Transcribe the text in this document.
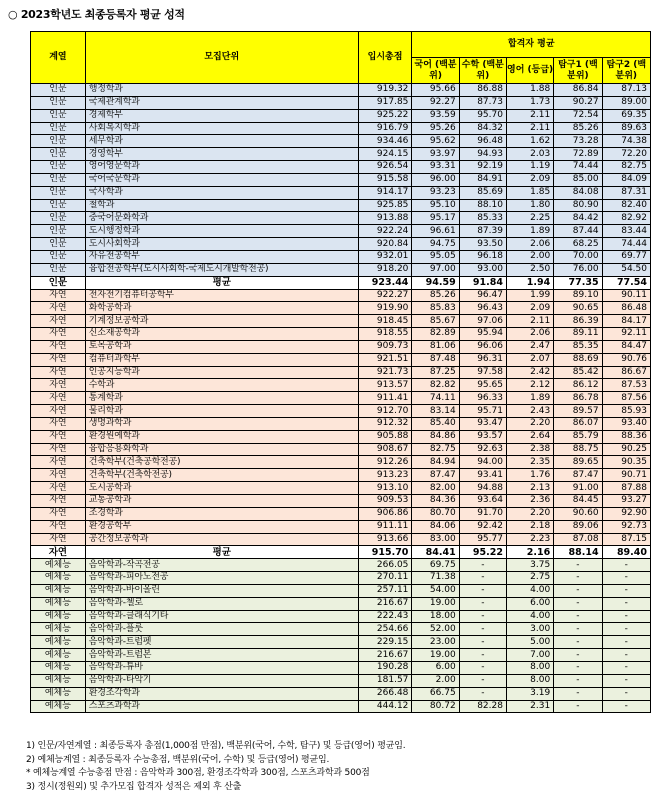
○ 2023학년도 최종등록자 평균 성적
계열	모집단위	입시총점	합격자 평균				
			국어 (백분위)	수학 (백분위)	영어 (등급)	탐구1 (백분위)	탐구2 (백분위)
인문	행정학과	919.32	95.66	86.88	1.88	86.84	87.13
인문	국제관계학과	917.85	92.27	87.73	1.73	90.27	89.00
인문	경제학부	925.22	93.59	95.70	2.11	72.54	69.35
인문	사회복지학과	916.79	95.26	84.32	2.11	85.26	89.63
인문	세무학과	934.46	95.62	96.48	1.62	73.28	74.38
인문	경영학부	924.15	93.97	94.93	2.03	72.89	72.20
인문	영어영문학과	926.54	93.31	92.19	1.19	74.44	82.75
인문	국어국문학과	915.58	96.00	84.91	2.09	85.00	84.09
인문	국사학과	914.17	93.23	85.69	1.85	84.08	87.31
인문	철학과	925.85	95.10	88.10	1.80	80.90	82.40
인문	중국어문화학과	913.88	95.17	85.33	2.25	84.42	82.92
인문	도시행정학과	922.24	96.61	87.39	1.89	87.44	83.44
인문	도시사회학과	920.84	94.75	93.50	2.06	68.25	74.44
인문	자유전공학부	932.01	95.05	96.18	2.00	70.00	69.77
인문	융합전공학부(도시사회학-국제도시개발학전공)	918.20	97.00	93.00	2.50	76.00	54.50
인문	평균	923.44	94.59	91.84	1.94	77.35	77.54
자연	전자전기컴퓨터공학부	922.27	85.26	96.47	1.99	89.10	90.11
자연	화학공학과	919.90	85.83	96.43	2.09	90.65	86.48
자연	기계정보공학과	918.45	85.67	97.06	2.11	86.39	84.17
자연	신소재공학과	918.55	82.89	95.94	2.06	89.11	92.11
자연	토목공학과	909.73	81.06	96.06	2.47	85.35	84.47
자연	컴퓨터과학부	921.51	87.48	96.31	2.07	88.69	90.76
자연	인공지능학과	921.73	87.25	97.58	2.42	85.42	86.67
자연	수학과	913.57	82.82	95.65	2.12	86.12	87.53
자연	통계학과	911.41	74.11	96.33	1.89	86.78	87.56
자연	물리학과	912.70	83.14	95.71	2.43	89.57	85.93
자연	생명과학과	912.32	85.40	93.47	2.20	86.07	93.40
자연	환경원예학과	905.88	84.86	93.57	2.64	85.79	88.36
자연	융합응용화학과	908.67	82.75	92.63	2.38	88.75	90.25
자연	건축학부(건축공학전공)	912.26	84.94	94.00	2.35	89.65	90.35
자연	건축학부(건축학전공)	913.23	87.47	93.41	1.76	87.47	90.71
자연	도시공학과	913.10	82.00	94.88	2.13	91.00	87.88
자연	교통공학과	909.53	84.36	93.64	2.36	84.45	93.27
자연	조경학과	906.86	80.70	91.70	2.20	90.60	92.90
자연	환경공학부	911.11	84.06	92.42	2.18	89.06	92.73
자연	공간정보공학과	913.66	83.00	95.77	2.23	87.08	87.15
자연	평균	915.70	84.41	95.22	2.16	88.14	89.40
예체능	음악학과-작곡전공	266.05	69.75	-	3.75	-	-
예체능	음악학과-피아노전공	270.11	71.38	-	2.75	-	-
예체능	음악학과-바이올린	257.11	54.00	-	4.00	-	-
예체능	음악학과-첼로	216.67	19.00	-	6.00	-	-
예체능	음악학과-클래식기타	222.43	18.00	-	4.00	-	-
예체능	음악학과-플룻	254.66	52.00	-	3.00	-	-
예체능	음악학과-트럼펫	229.15	23.00	-	5.00	-	-
예체능	음악학과-트럼본	216.67	19.00	-	7.00	-	-
예체능	음악학과-튜바	190.28	6.00	-	8.00	-	-
예체능	음악학과-타악기	181.57	2.00	-	8.00	-	-
예체능	환경조각학과	266.48	66.75	-	3.19	-	-
예체능	스포츠과학과	444.12	80.72	82.28	2.31	-	-
1) 인문/자연계열 : 최종등록자 총점(1,000점 만점), 백분위(국어, 수학, 탐구) 및 등급(영어) 평균임.
2) 예체능계열 : 최종등록자 수능총점, 백분위(국어, 수학) 및 등급(영어) 평균임.
* 예체능계열 수능총점 만점 : 음악학과 300점, 환경조각학과 300점, 스포츠과학과 500점
3) 정시(정원외) 및 추가모집 합격자 성적은 제외 후 산출
